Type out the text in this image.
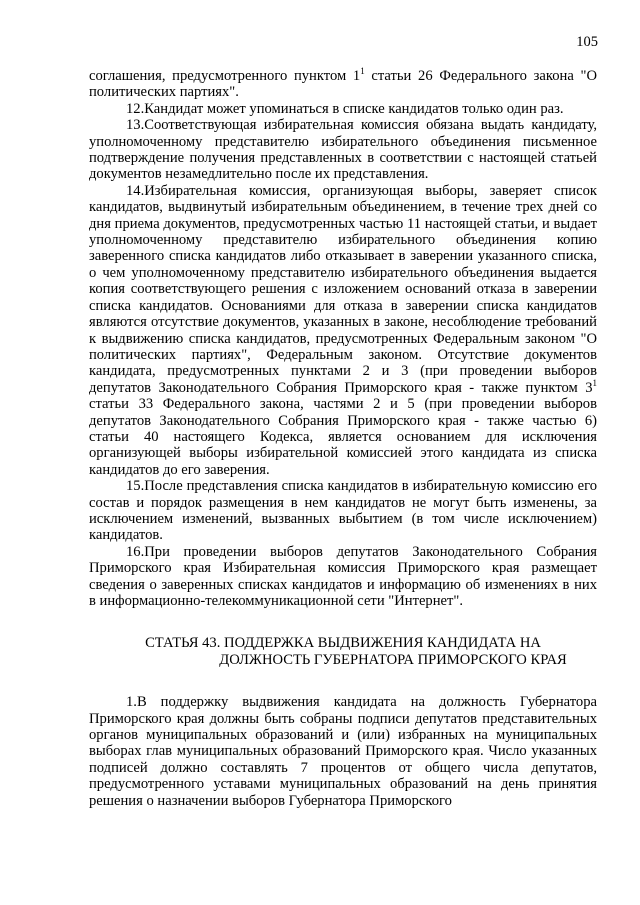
105

соглашения, предусмотренного пунктом $1^1$ статьи 26 Федерального закона "О политических партиях".

12.Кандидат может упоминаться в списке кандидатов только один раз.

13.Соответствующая избирательная комиссия обязана выдать кандидату, уполномоченному представителю избирательного объединения письменное подтверждение получения представленных в соответствии с настоящей статьей документов незамедлительно после их представления.

14.Избирательная комиссия, организующая выборы, заверяет список кандидатов, выдвинутый избирательным объединением, в течение трех дней со дня приема документов, предусмотренных частью 11 настоящей статьи, и выдает уполномоченному представителю избирательного объединения копию заверенного списка кандидатов либо отказывает в заверении указанного списка, о чем уполномоченному представителю избирательного объединения выдается копия соответствующего решения с изложением оснований отказа в заверении списка кандидатов. Основаниями для отказа в заверении списка кандидатов являются отсутствие документов, указанных в законе, несоблюдение требований к выдвижению списка кандидатов, предусмотренных Федеральным законом "О политических партиях", Федеральным законом. Отсутствие документов кандидата, предусмотренных пунктами 2 и 3 (при проведении выборов депутатов Законодательного Собрания Приморского края - также пунктом $3^1$ статьи 33 Федерального закона, частями 2 и 5 (при проведении выборов депутатов Законодательного Собрания Приморского края - также частью 6) статьи 40 настоящего Кодекса, является основанием для исключения организующей выборы избирательной комиссией этого кандидата из списка кандидатов до его заверения.

15.После представления списка кандидатов в избирательную комиссию его состав и порядок размещения в нем кандидатов не могут быть изменены, за исключением изменений, вызванных выбытием (в том числе исключением) кандидатов.

16.При проведении выборов депутатов Законодательного Собрания Приморского края Избирательная комиссия Приморского края размещает сведения о заверенных списках кандидатов и информацию об изменениях в них в информационно-телекоммуникационной сети "Интернет".

СТАТЬЯ 43. ПОДДЕРЖКА ВЫДВИЖЕНИЯ КАНДИДАТА НА
ДОЛЖНОСТЬ ГУБЕРНАТОРА ПРИМОРСКОГО КРАЯ

1.В поддержку выдвижения кандидата на должность Губернатора Приморского края должны быть собраны подписи депутатов представительных органов муниципальных образований и (или) избранных на муниципальных выборах глав муниципальных образований Приморского края. Число указанных подписей должно составлять 7 процентов от общего числа депутатов, предусмотренного уставами муниципальных образований на день принятия решения о назначении выборов Губернатора Приморского
